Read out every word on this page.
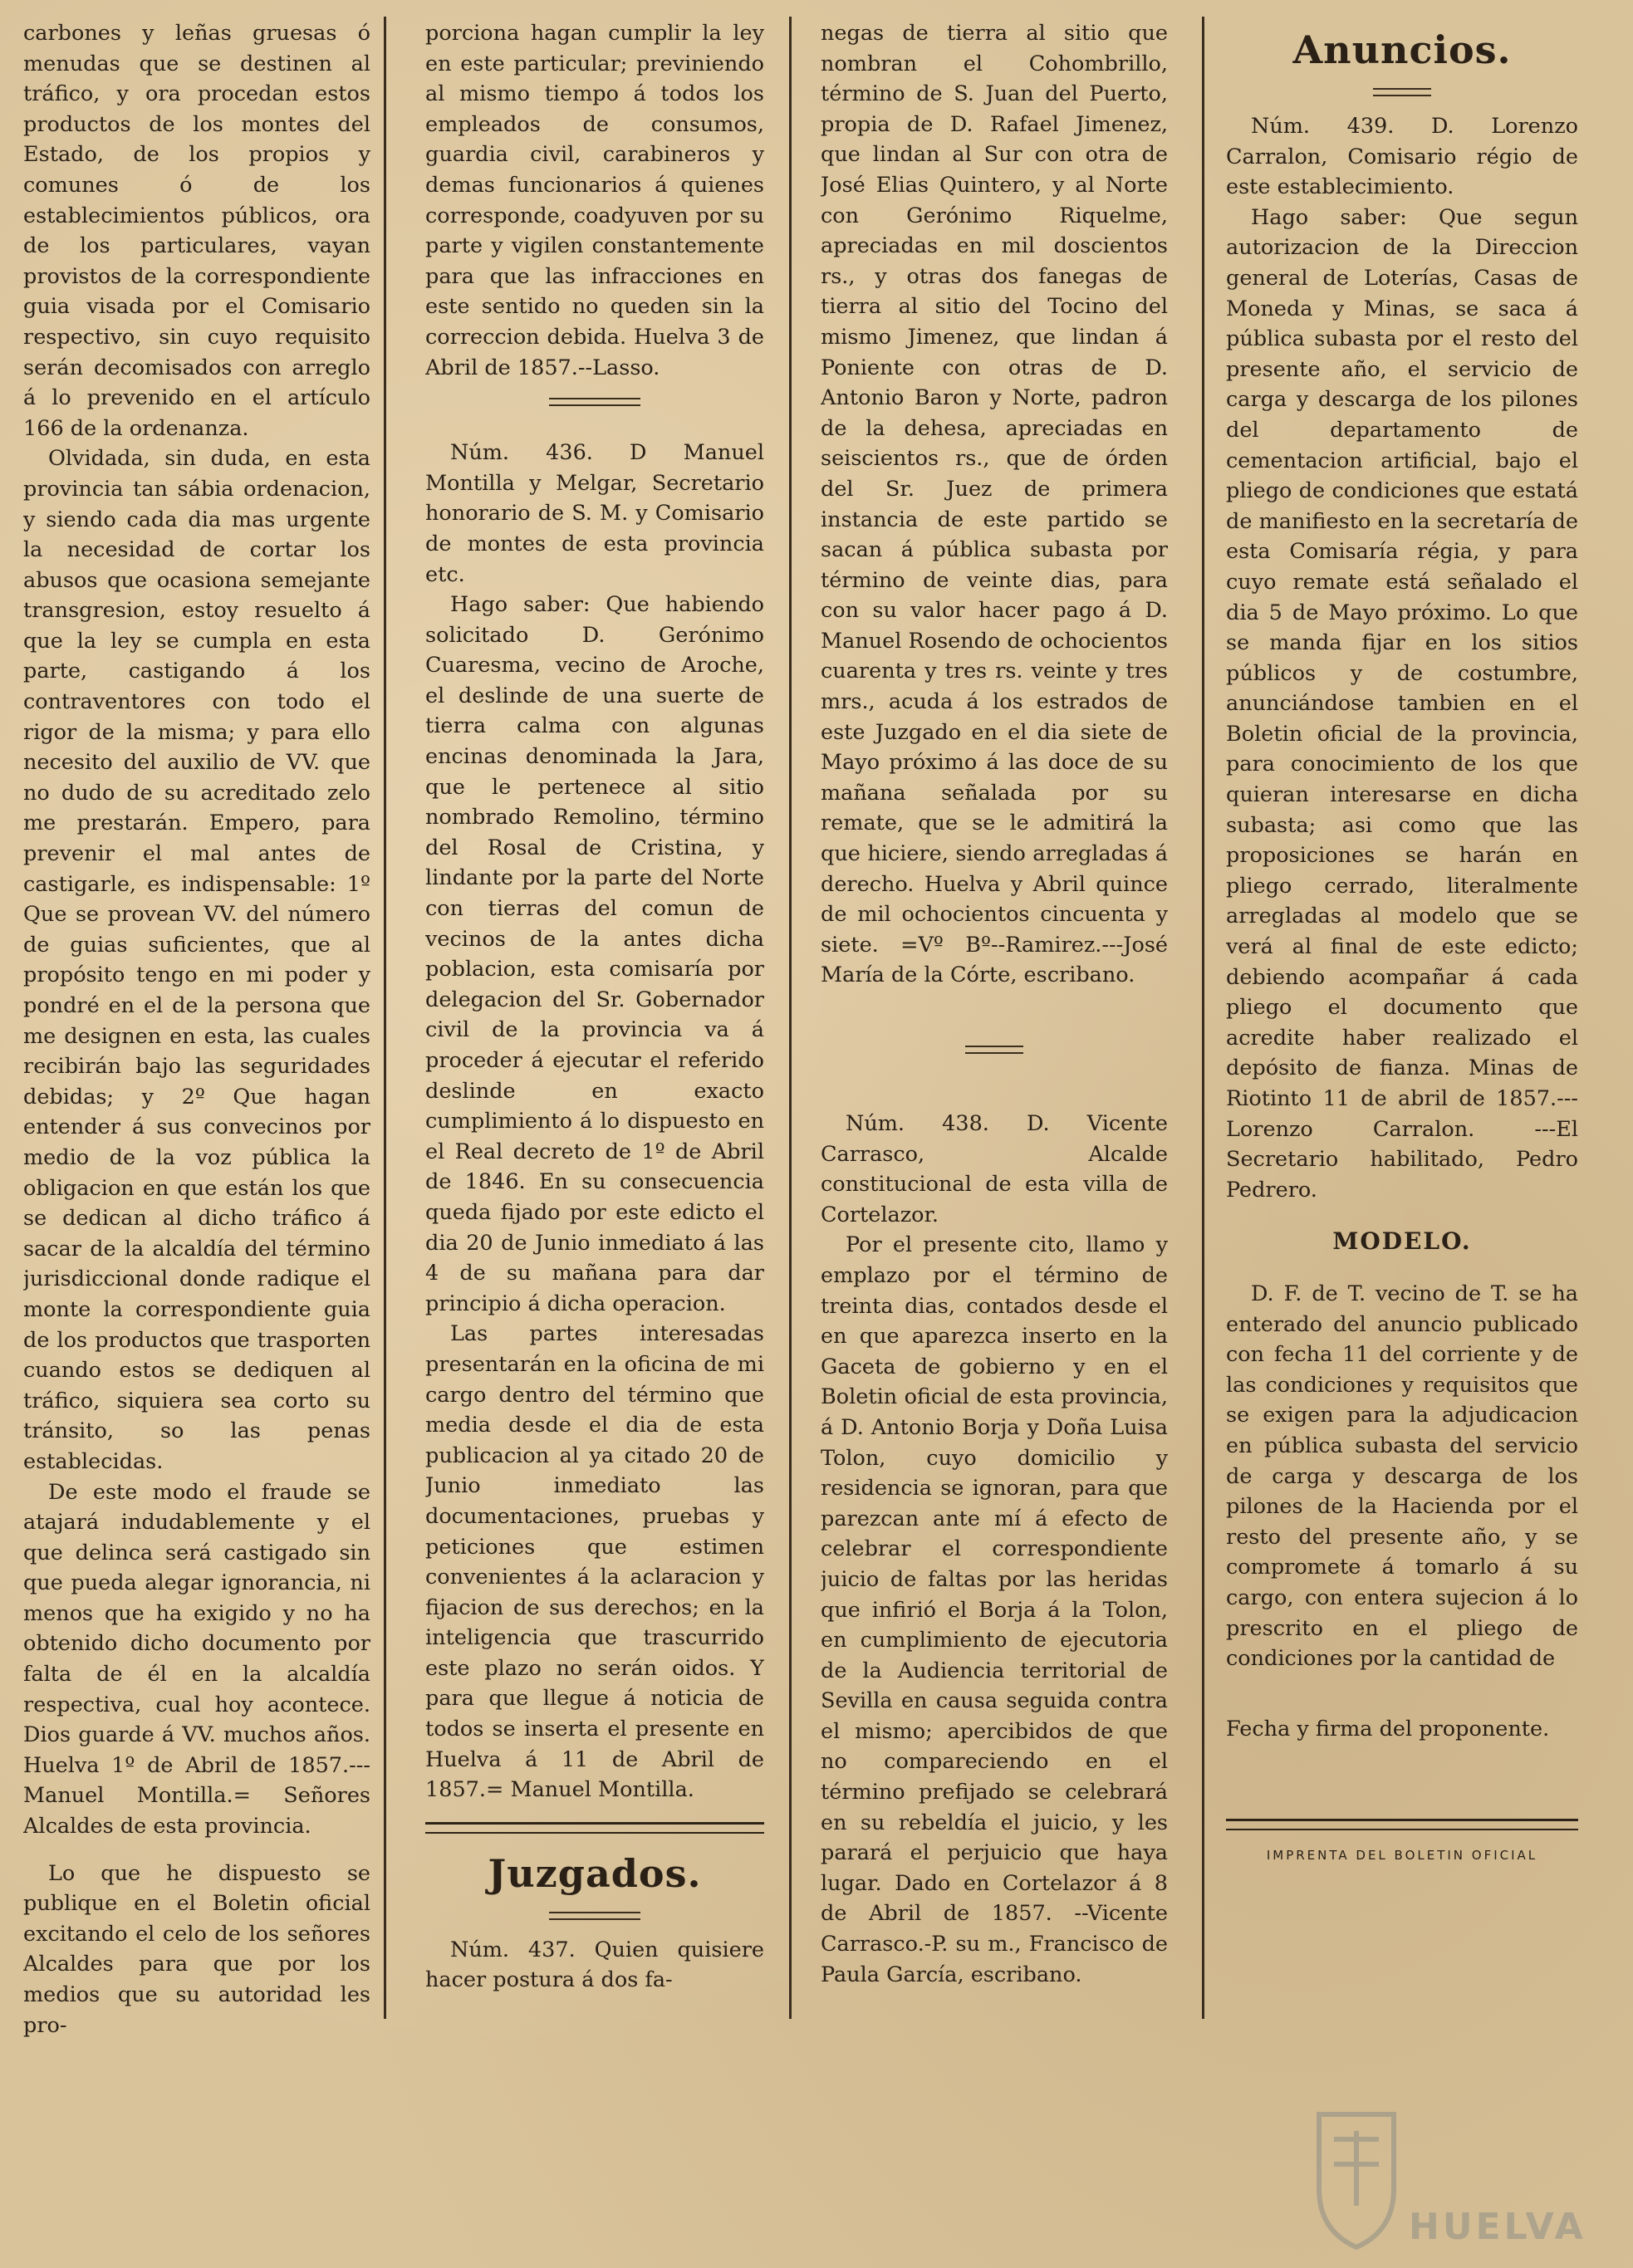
carbones y leñas gruesas ó menudas que se destinen al tráfico, y ora procedan estos productos de los montes del Estado, de los propios y comunes ó de los establecimientos públicos, ora de los particulares, vayan provistos de la correspondiente guia visada por el Comisario respectivo, sin cuyo requisito serán decomisados con arreglo á lo prevenido en el artículo 166 de la ordenanza.

Olvidada, sin duda, en esta provincia tan sábia ordenacion, y siendo cada dia mas urgente la necesidad de cortar los abusos que ocasiona semejante transgresion, estoy resuelto á que la ley se cumpla en esta parte, castigando á los contraventores con todo el rigor de la misma; y para ello necesito del auxilio de VV. que no dudo de su acreditado zelo me prestarán. Empero, para prevenir el mal antes de castigarle, es indispensable: 1º Que se provean VV. del número de guias suficientes, que al propósito tengo en mi poder y pondré en el de la persona que me designen en esta, las cuales recibirán bajo las seguridades debidas; y 2º Que hagan entender á sus convecinos por medio de la voz pública la obligacion en que están los que se dedican al dicho tráfico á sacar de la alcaldía del término jurisdiccional donde radique el monte la correspondiente guia de los productos que trasporten cuando estos se dediquen al tráfico, siquiera sea corto su tránsito, so las penas establecidas.

De este modo el fraude se atajará indudablemente y el que delinca será castigado sin que pueda alegar ignorancia, ni menos que ha exigido y no ha obtenido dicho documento por falta de él en la alcaldía respectiva, cual hoy acontece. Dios guarde á VV. muchos años. Huelva 1º de Abril de 1857.---Manuel Montilla.= Señores Alcaldes de esta provincia.

Lo que he dispuesto se publique en el Boletin oficial excitando el celo de los señores Alcaldes para que por los medios que su autoridad les pro-

porciona hagan cumplir la ley en este particular; previniendo al mismo tiempo á todos los empleados de consumos, guardia civil, carabineros y demas funcionarios á quienes corresponde, coadyuven por su parte y vigilen constantemente para que las infracciones en este sentido no queden sin la correccion debida. Huelva 3 de Abril de 1857.--Lasso.

Núm. 436. D Manuel Montilla y Melgar, Secretario honorario de S. M. y Comisario de montes de esta provincia etc.

Hago saber: Que habiendo solicitado D. Gerónimo Cuaresma, vecino de Aroche, el deslinde de una suerte de tierra calma con algunas encinas denominada la Jara, que le pertenece al sitio nombrado Remolino, término del Rosal de Cristina, y lindante por la parte del Norte con tierras del comun de vecinos de la antes dicha poblacion, esta comisaría por delegacion del Sr. Gobernador civil de la provincia va á proceder á ejecutar el referido deslinde en exacto cumplimiento á lo dispuesto en el Real decreto de 1º de Abril de 1846. En su consecuencia queda fijado por este edicto el dia 20 de Junio inmediato á las 4 de su mañana para dar principio á dicha operacion.

Las partes interesadas presentarán en la oficina de mi cargo dentro del término que media desde el dia de esta publicacion al ya citado 20 de Junio inmediato las documentaciones, pruebas y peticiones que estimen convenientes á la aclaracion y fijacion de sus derechos; en la inteligencia que trascurrido este plazo no serán oidos. Y para que llegue á noticia de todos se inserta el presente en Huelva á 11 de Abril de 1857.= Manuel Montilla.

Juzgados.

Núm. 437. Quien quisiere hacer postura á dos fa-

negas de tierra al sitio que nombran el Cohombrillo, término de S. Juan del Puerto, propia de D. Rafael Jimenez, que lindan al Sur con otra de José Elias Quintero, y al Norte con Gerónimo Riquelme, apreciadas en mil doscientos rs., y otras dos fanegas de tierra al sitio del Tocino del mismo Jimenez, que lindan á Poniente con otras de D. Antonio Baron y Norte, padron de la dehesa, apreciadas en seiscientos rs., que de órden del Sr. Juez de primera instancia de este partido se sacan á pública subasta por término de veinte dias, para con su valor hacer pago á D. Manuel Rosendo de ochocientos cuarenta y tres rs. veinte y tres mrs., acuda á los estrados de este Juzgado en el dia siete de Mayo próximo á las doce de su mañana señalada por su remate, que se le admitirá la que hiciere, siendo arregladas á derecho. Huelva y Abril quince de mil ochocientos cincuenta y siete. =Vº Bº--Ramirez.---José María de la Córte, escribano.

Núm. 438. D. Vicente Carrasco, Alcalde constitucional de esta villa de Cortelazor.

Por el presente cito, llamo y emplazo por el término de treinta dias, contados desde el en que aparezca inserto en la Gaceta de gobierno y en el Boletin oficial de esta provincia, á D. Antonio Borja y Doña Luisa Tolon, cuyo domicilio y residencia se ignoran, para que parezcan ante mí á efecto de celebrar el correspondiente juicio de faltas por las heridas que infirió el Borja á la Tolon, en cumplimiento de ejecutoria de la Audiencia territorial de Sevilla en causa seguida contra el mismo; apercibidos de que no compareciendo en el término prefijado se celebrará en su rebeldía el juicio, y les parará el perjuicio que haya lugar. Dado en Cortelazor á 8 de Abril de 1857. --Vicente Carrasco.-P. su m., Francisco de Paula García, escribano.

Anuncios.

Núm. 439. D. Lorenzo Carralon, Comisario régio de este establecimiento.

Hago saber: Que segun autorizacion de la Direccion general de Loterías, Casas de Moneda y Minas, se saca á pública subasta por el resto del presente año, el servicio de carga y descarga de los pilones del departamento de cementacion artificial, bajo el pliego de condiciones que estatá de manifiesto en la secretaría de esta Comisaría régia, y para cuyo remate está señalado el dia 5 de Mayo próximo. Lo que se manda fijar en los sitios públicos y de costumbre, anunciándose tambien en el Boletin oficial de la provincia, para conocimiento de los que quieran interesarse en dicha subasta; asi como que las proposiciones se harán en pliego cerrado, literalmente arregladas al modelo que se verá al final de este edicto; debiendo acompañar á cada pliego el documento que acredite haber realizado el depósito de fianza. Minas de Riotinto 11 de abril de 1857.---Lorenzo Carralon. ---El Secretario habilitado, Pedro Pedrero.

MODELO.

D. F. de T. vecino de T. se ha enterado del anuncio publicado con fecha 11 del corriente y de las condiciones y requisitos que se exigen para la adjudicacion en pública subasta del servicio de carga y descarga de los pilones de la Hacienda por el resto del presente año, y se compromete á tomarlo á su cargo, con entera sujecion á lo prescrito en el pliego de condiciones por la cantidad de

Fecha y firma del proponente.

IMPRENTA DEL BOLETIN OFICIAL
HUELVA
